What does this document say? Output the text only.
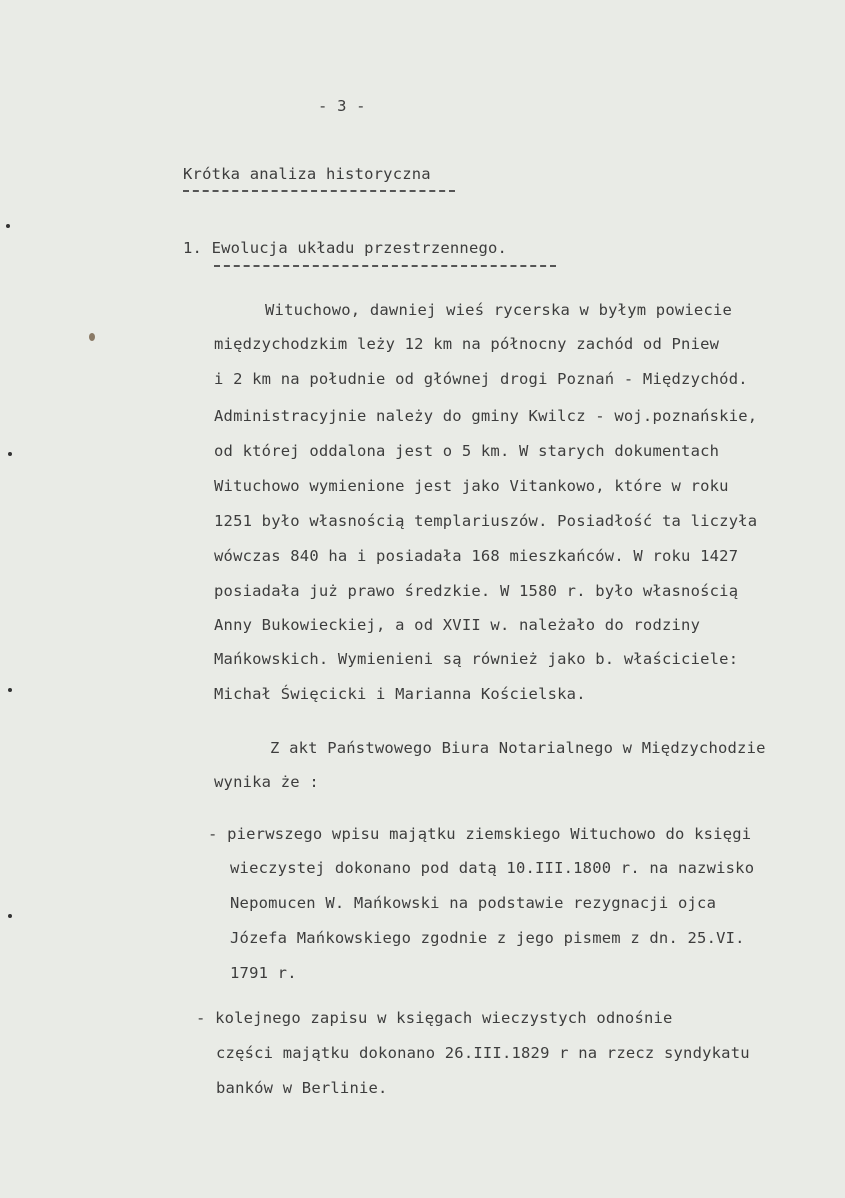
- 3 -
Krótka analiza historyczna
1. Ewolucja układu przestrzennego.
Wituchowo, dawniej wieś rycerska w byłym powiecie
międzychodzkim leży 12 km na północny zachód od Pniew
i 2 km na południe od głównej drogi Poznań - Międzychód.
Administracyjnie należy do gminy Kwilcz - woj.poznańskie,
od której oddalona jest o 5 km. W starych dokumentach
Wituchowo wymienione jest jako Vitankowo, które w roku
1251 było własnością templariuszów. Posiadłość ta liczyła
wówczas 840 ha i posiadała 168 mieszkańców. W roku 1427
posiadała już prawo średzkie. W 1580 r. było własnością
Anny Bukowieckiej, a od XVII w. należało do rodziny
Mańkowskich. Wymienieni są również jako b. właściciele:
Michał Święcicki i Marianna Kościelska.
Z akt Państwowego Biura Notarialnego w Międzychodzie
wynika że :
- pierwszego wpisu majątku ziemskiego Wituchowo do księgi
wieczystej dokonano pod datą 10.III.1800 r. na nazwisko
Nepomucen W. Mańkowski na podstawie rezygnacji ojca
Józefa Mańkowskiego zgodnie z jego pismem z dn. 25.VI.
1791 r.
- kolejnego zapisu w księgach wieczystych odnośnie
części majątku dokonano 26.III.1829 r na rzecz syndykatu
banków w Berlinie.
